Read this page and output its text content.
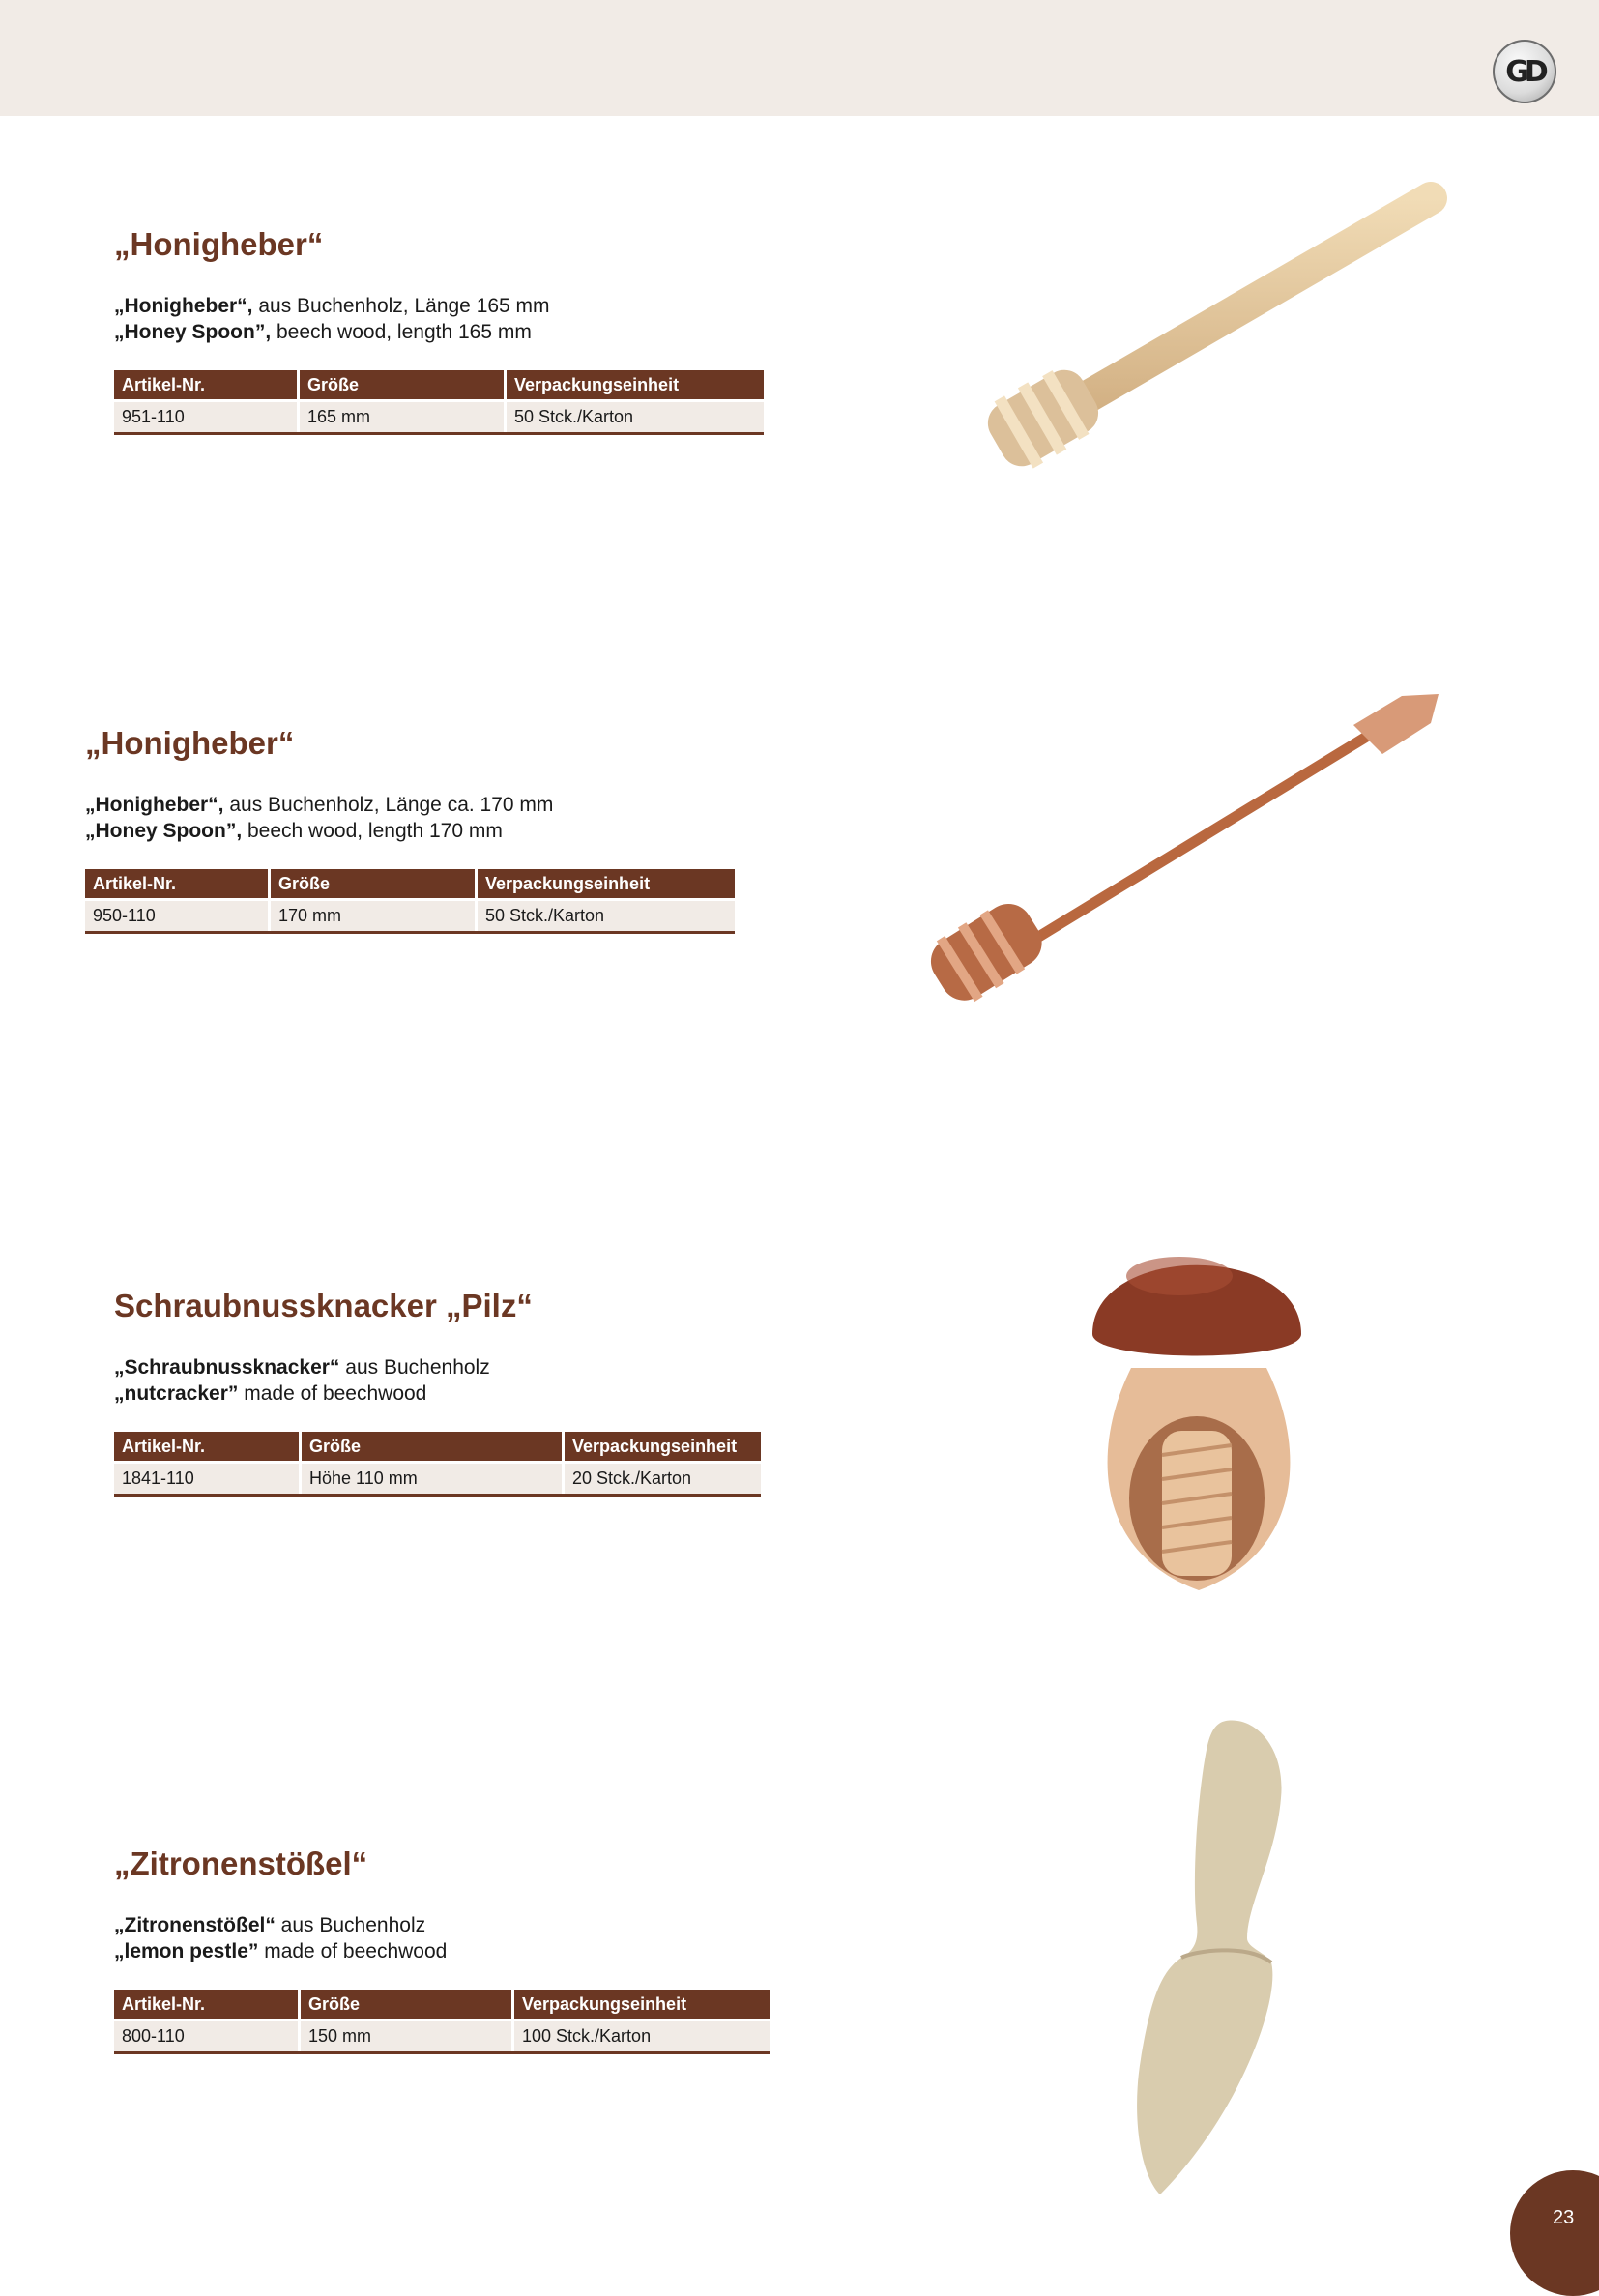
GD
„Honigheber“
„Honigheber“, aus Buchenholz, Länge 165 mm
„Honey Spoon”, beech wood, length 165 mm
Artikel-Nr.	Größe	Verpackungseinheit
951-110	165 mm	50 Stck./Karton
„Honigheber“
„Honigheber“, aus Buchenholz, Länge ca. 170 mm
„Honey Spoon”, beech wood, length 170 mm
Artikel-Nr.	Größe	Verpackungseinheit
950-110	170 mm	50 Stck./Karton
Schraubnussknacker „Pilz“
„Schraubnussknacker“ aus Buchenholz
„nutcracker” made of beechwood
Artikel-Nr.	Größe	Verpackungseinheit
1841-110	Höhe 110 mm	20 Stck./Karton
„Zitronenstößel“
„Zitronenstößel“ aus Buchenholz
„lemon pestle” made of beechwood
Artikel-Nr.	Größe	Verpackungseinheit
800-110	150 mm	100 Stck./Karton
23
